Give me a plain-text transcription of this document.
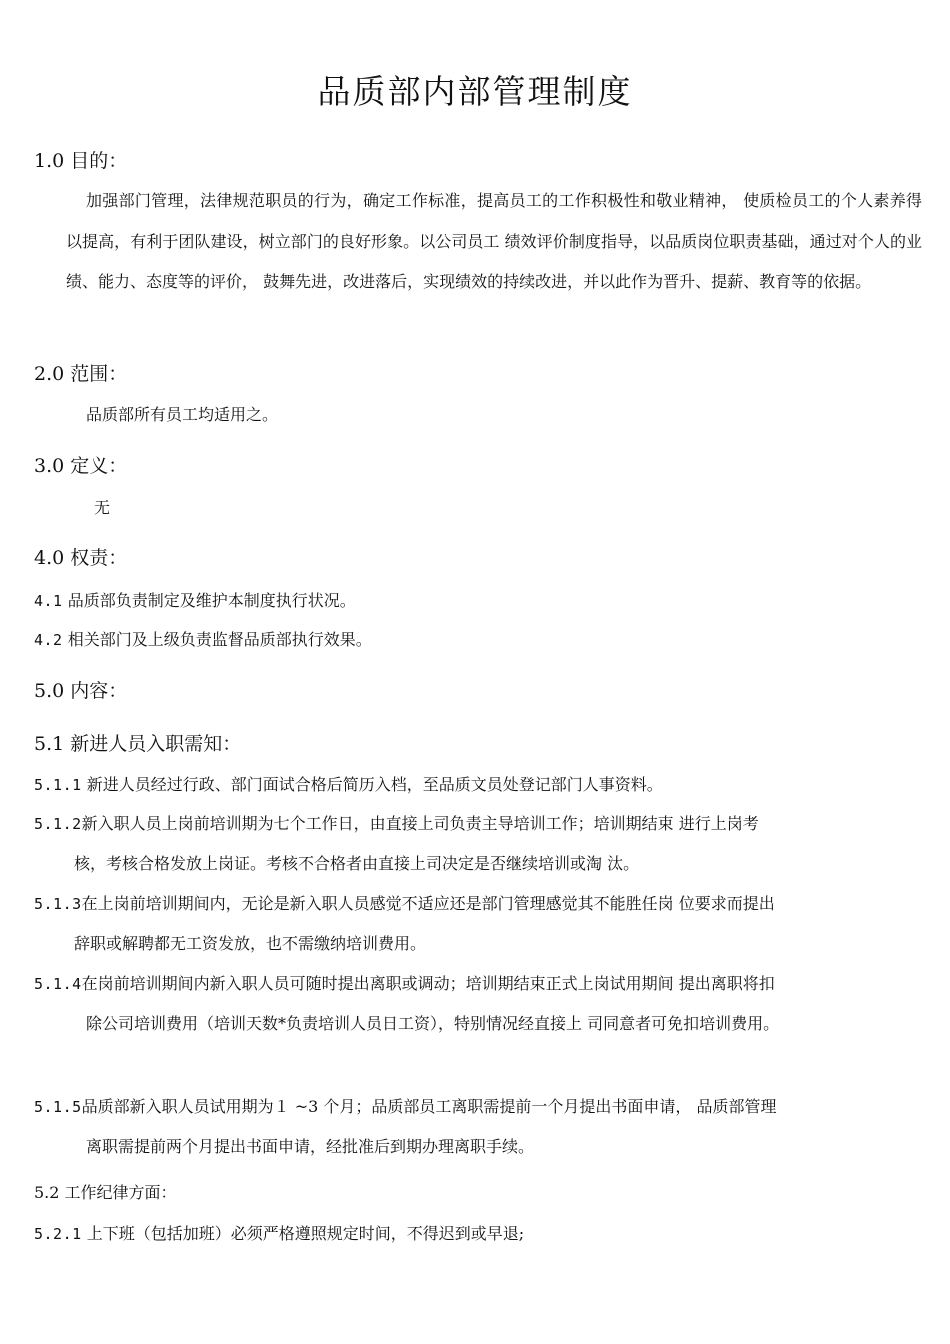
品质部内部管理制度
1.0 目的：

加强部门管理，法律规范职员的行为，确定工作标准，提高员工的工作积极性和敬业精神， 使质检员工的个人素养得以提高，有利于团队建设，树立部门的良好形象。以公司员工 绩效评价制度指导，以品质岗位职责基础，通过对个人的业绩、能力、态度等的评价， 鼓舞先进，改进落后，实现绩效的持续改进，并以此作为晋升、提薪、教育等的依据。

2.0 范围：

品质部所有员工均适用之。

3.0 定义：

无

4.0 权责：

4.1 品质部负责制定及维护本制度执行状况。

4.2 相关部门及上级负责监督品质部执行效果。

5.0 内容：
5.1 新进人员入职需知：

5.1.1 新进人员经过行政、部门面试合格后简历入档，至品质文员处登记部门人事资料。

5.1.2新入职人员上岗前培训期为七个工作日，由直接上司负责主导培训工作；培训期结束 进行上岗考
核，考核合格发放上岗证。考核不合格者由直接上司决定是否继续培训或淘 汰。
5.1.3在上岗前培训期间内，无论是新入职人员感觉不适应还是部门管理感觉其不能胜任岗 位要求而提出
辞职或解聘都无工资发放，也不需缴纳培训费用。
5.1.4在岗前培训期间内新入职人员可随时提出离职或调动；培训期结束正式上岗试用期间 提出离职将扣
除公司培训费用（培训天数*负责培训人员日工资），特别情况经直接上 司同意者可免扣培训费用。
5.1.5品质部新入职人员试用期为１ ~3 个月；品质部员工离职需提前一个月提出书面申请， 品质部管理
离职需提前两个月提出书面申请，经批准后到期办理离职手续。

5.2 工作纪律方面：

5.2.1 上下班（包括加班）必须严格遵照规定时间，不得迟到或早退;
